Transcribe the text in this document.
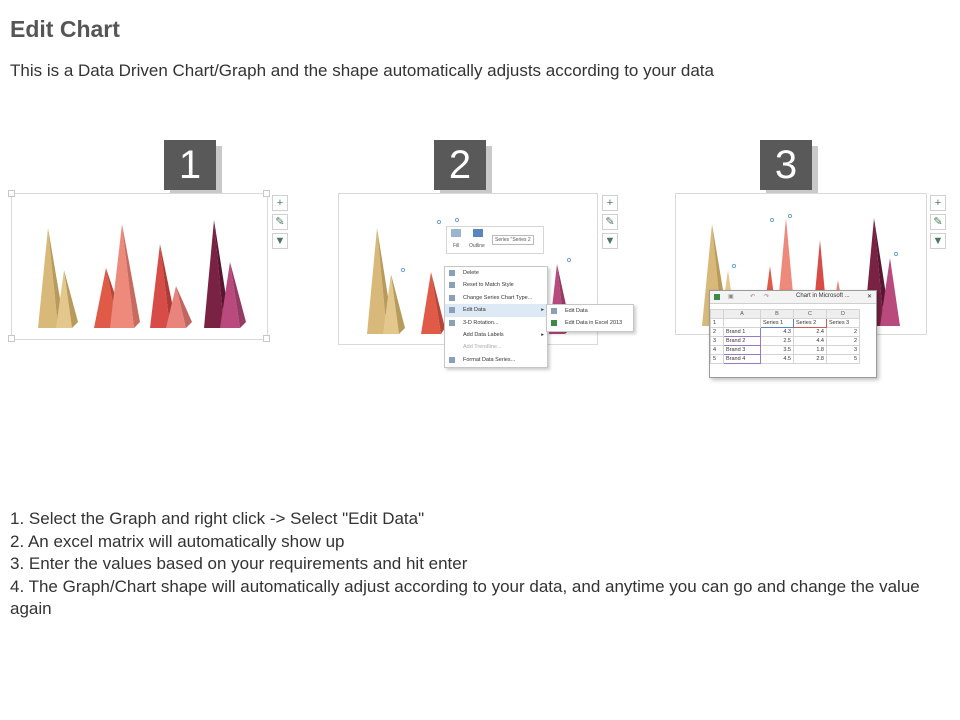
Edit Chart
This is a Data Driven Chart/Graph and the shape automatically adjusts according to your data
1	2	3
+
✎
▼
+
✎
▼
Fill Outline
Series "Series 2
Delete
Reset to Match Style
Change Series Chart Type...
Edit Data	▸
3-D Rotation...
Add Data Labels	▸
Add Trendline...
Format Data Series...
Edit Data
Edit Data in Excel 2013
+
✎
▼
▣	↶ ↷	Chart in Microsoft ...	✕
	A	B	C	D
1		Series 1	Series 2	Series 3
2	Brand 1	4.3	2.4	2
3	Brand 2	2.5	4.4	2
4	Brand 3	3.5	1.8	3
5	Brand 4	4.5	2.8	5
1. Select the Graph and right click -> Select "Edit Data"
2. An excel matrix will automatically show up
3. Enter the values based on your requirements and hit enter
4. The Graph/Chart shape will automatically adjust according to your data, and anytime you can go and change the value again
